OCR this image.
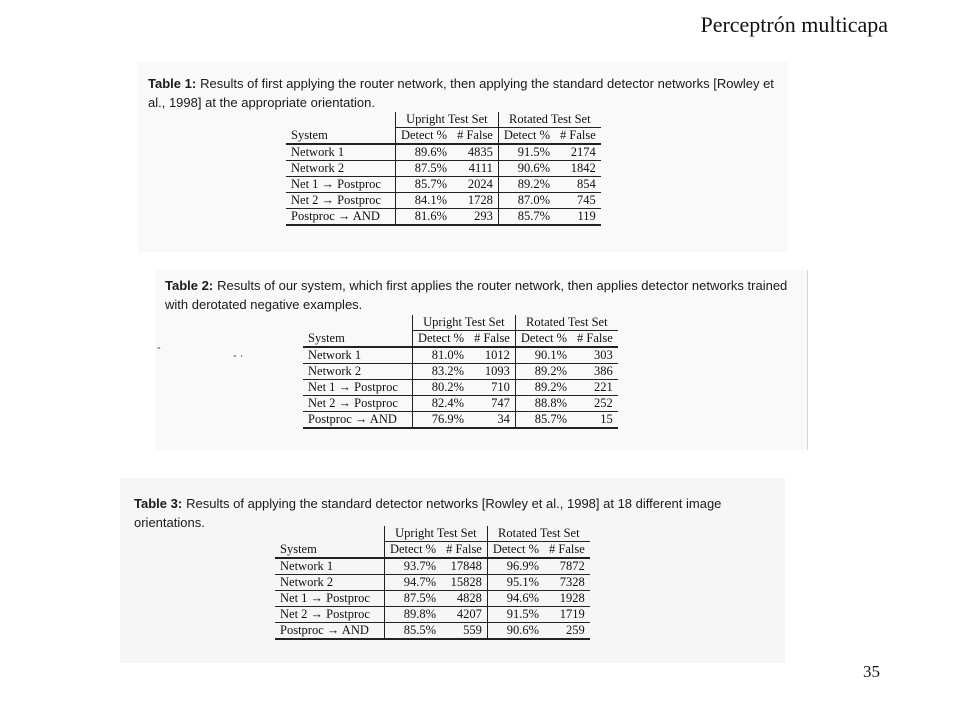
Perceptrón multicapa
Table 1: Results of first applying the router network, then applying the standard detector networks [Rowley et al., 1998] at the appropriate orientation.
System	Upright Test Set		Rotated Test Set	
	Detect %	# False	Detect %	# False
Network 1	89.6%	4835	91.5%	2174
Network 2	87.5%	4111	90.6%	1842
Net 1 → Postproc	85.7%	2024	89.2%	854
Net 2 → Postproc	84.1%	1728	87.0%	745
Postproc → AND	81.6%	293	85.7%	119
Table 2: Results of our system, which first applies the router network, then applies detector networks trained with derotated negative examples.
-
- ·
System	Upright Test Set		Rotated Test Set	
	Detect %	# False	Detect %	# False
Network 1	81.0%	1012	90.1%	303
Network 2	83.2%	1093	89.2%	386
Net 1 → Postproc	80.2%	710	89.2%	221
Net 2 → Postproc	82.4%	747	88.8%	252
Postproc → AND	76.9%	34	85.7%	15
Table 3: Results of applying the standard detector networks [Rowley et al., 1998] at 18 different image orientations.
System	Upright Test Set		Rotated Test Set	
	Detect %	# False	Detect %	# False
Network 1	93.7%	17848	96.9%	7872
Network 2	94.7%	15828	95.1%	7328
Net 1 → Postproc	87.5%	4828	94.6%	1928
Net 2 → Postproc	89.8%	4207	91.5%	1719
Postproc → AND	85.5%	559	90.6%	259
35
